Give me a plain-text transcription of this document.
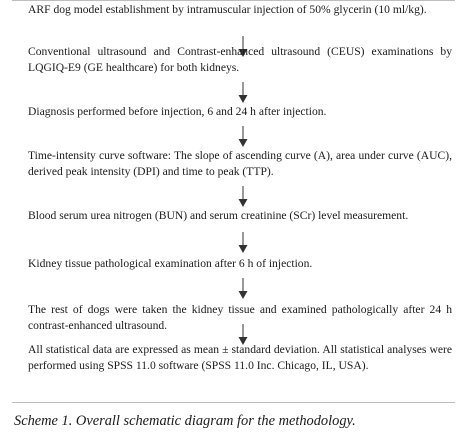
ARF dog model establishment by intramuscular injection of 50% glycerin (10 ml/kg).

Conventional ultrasound and Contrast-enhanced ultrasound (CEUS) examinations by LQGIQ-E9 (GE healthcare) for both kidneys.

Diagnosis performed before injection, 6 and 24 h after injection.

Time-intensity curve software: The slope of ascending curve (A), area under curve (AUC), derived peak intensity (DPI) and time to peak (TTP).

Blood serum urea nitrogen (BUN) and serum creatinine (SCr) level measurement.

Kidney tissue pathological examination after 6 h of injection.

The rest of dogs were taken the kidney tissue and examined pathologically after 24 h contrast-enhanced ultrasound.

All statistical data are expressed as mean ± standard deviation. All statistical analyses were performed using SPSS 11.0 software (SPSS 11.0 Inc. Chicago, IL, USA).

Scheme 1. Overall schematic diagram for the methodology.
